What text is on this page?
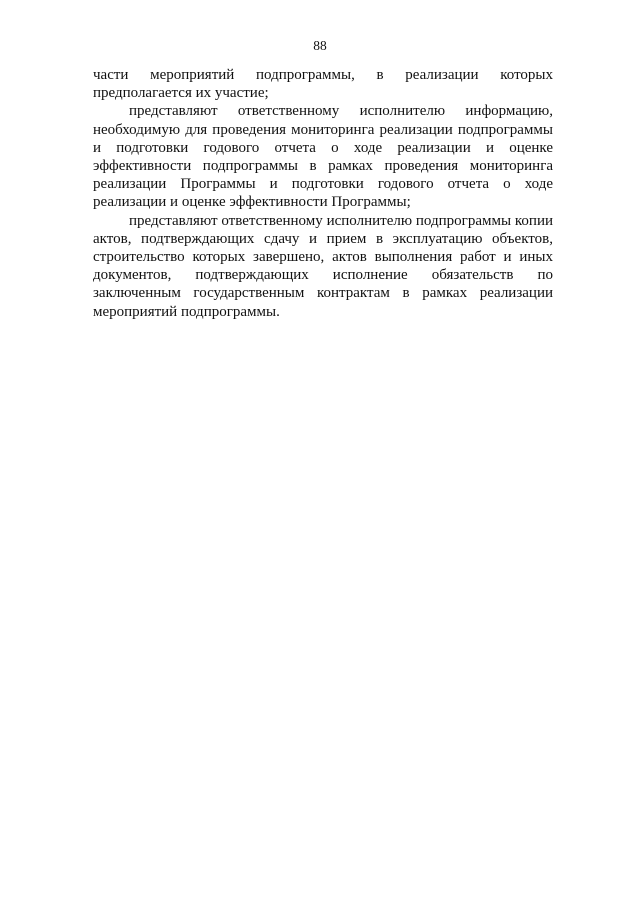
88

части мероприятий подпрограммы, в реализации которых предполагается их участие;

представляют ответственному исполнителю информацию, необходимую для проведения мониторинга реализации подпрограммы и подготовки годового отчета о ходе реализации и оценке эффективности подпрограммы в рамках проведения мониторинга реализации Программы и подготовки годового отчета о ходе реализации и оценке эффективности Программы;

представляют ответственному исполнителю подпрограммы копии актов, подтверждающих сдачу и прием в эксплуатацию объектов, строительство которых завершено, актов выполнения работ и иных документов, подтверждающих исполнение обязательств по заключенным государственным контрактам в рамках реализации мероприятий подпрограммы.
